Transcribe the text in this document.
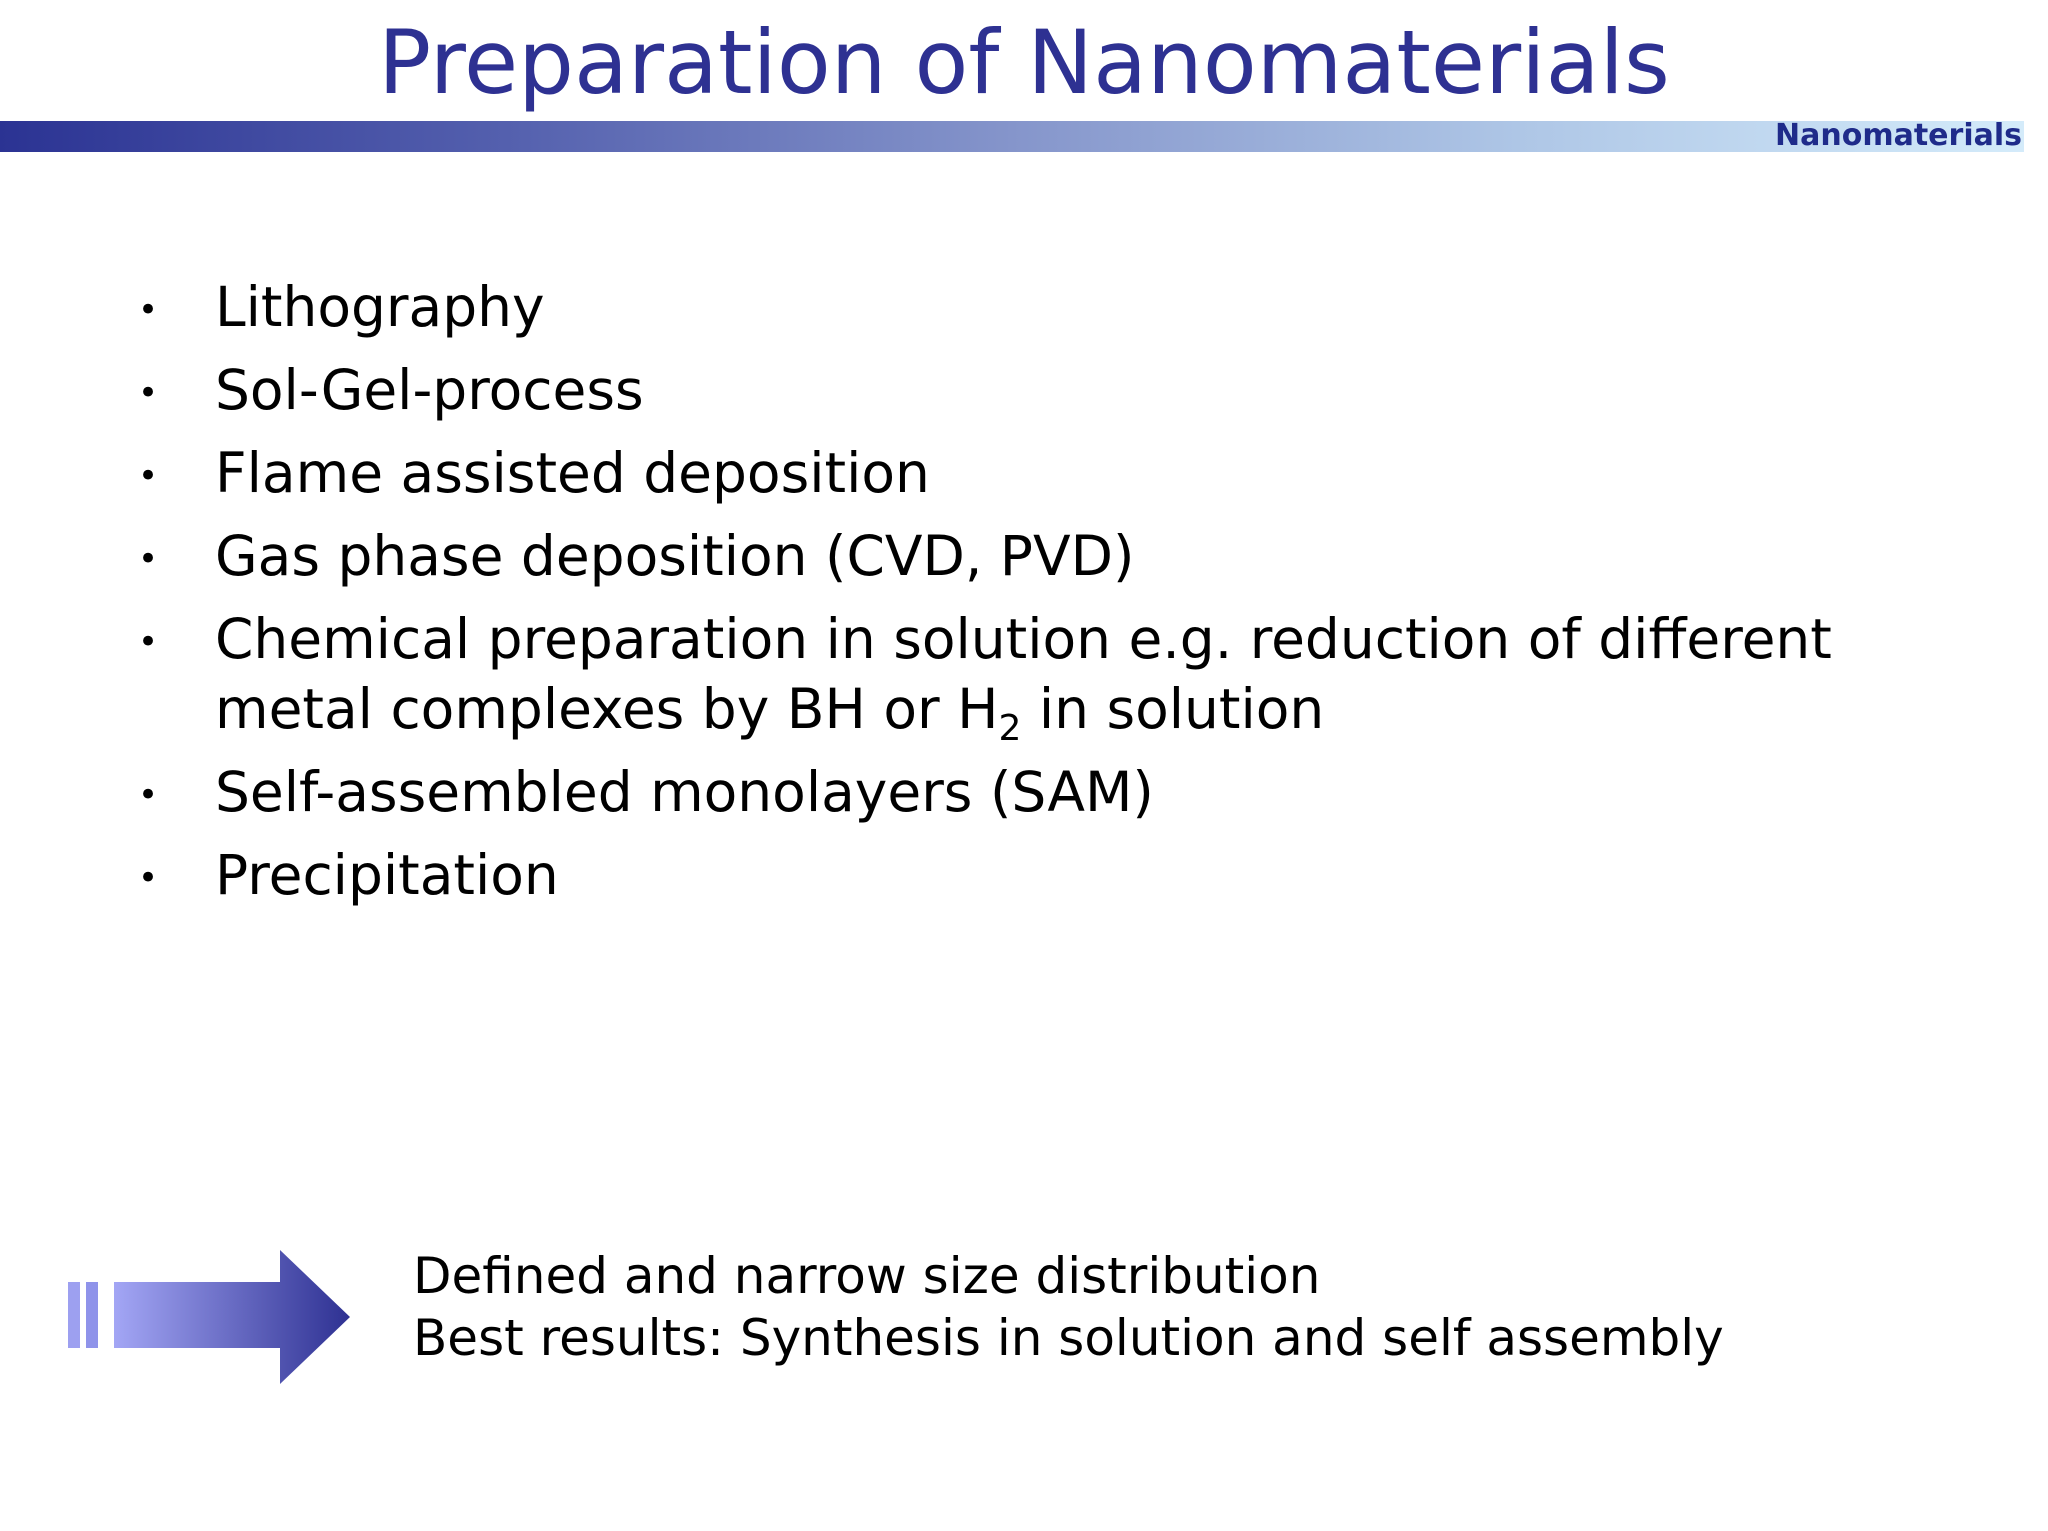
Preparation of Nanomaterials
Nanomaterials
• Lithography
• Sol-Gel-process
• Flame assisted deposition
• Gas phase deposition (CVD, PVD)
• Chemical preparation in solution e.g. reduction of different
metal complexes by BH or $H_2$ in solution
• Self-assembled monolayers (SAM)
• Precipitation
Defined and narrow size distribution
Best results: Synthesis in solution and self assembly
